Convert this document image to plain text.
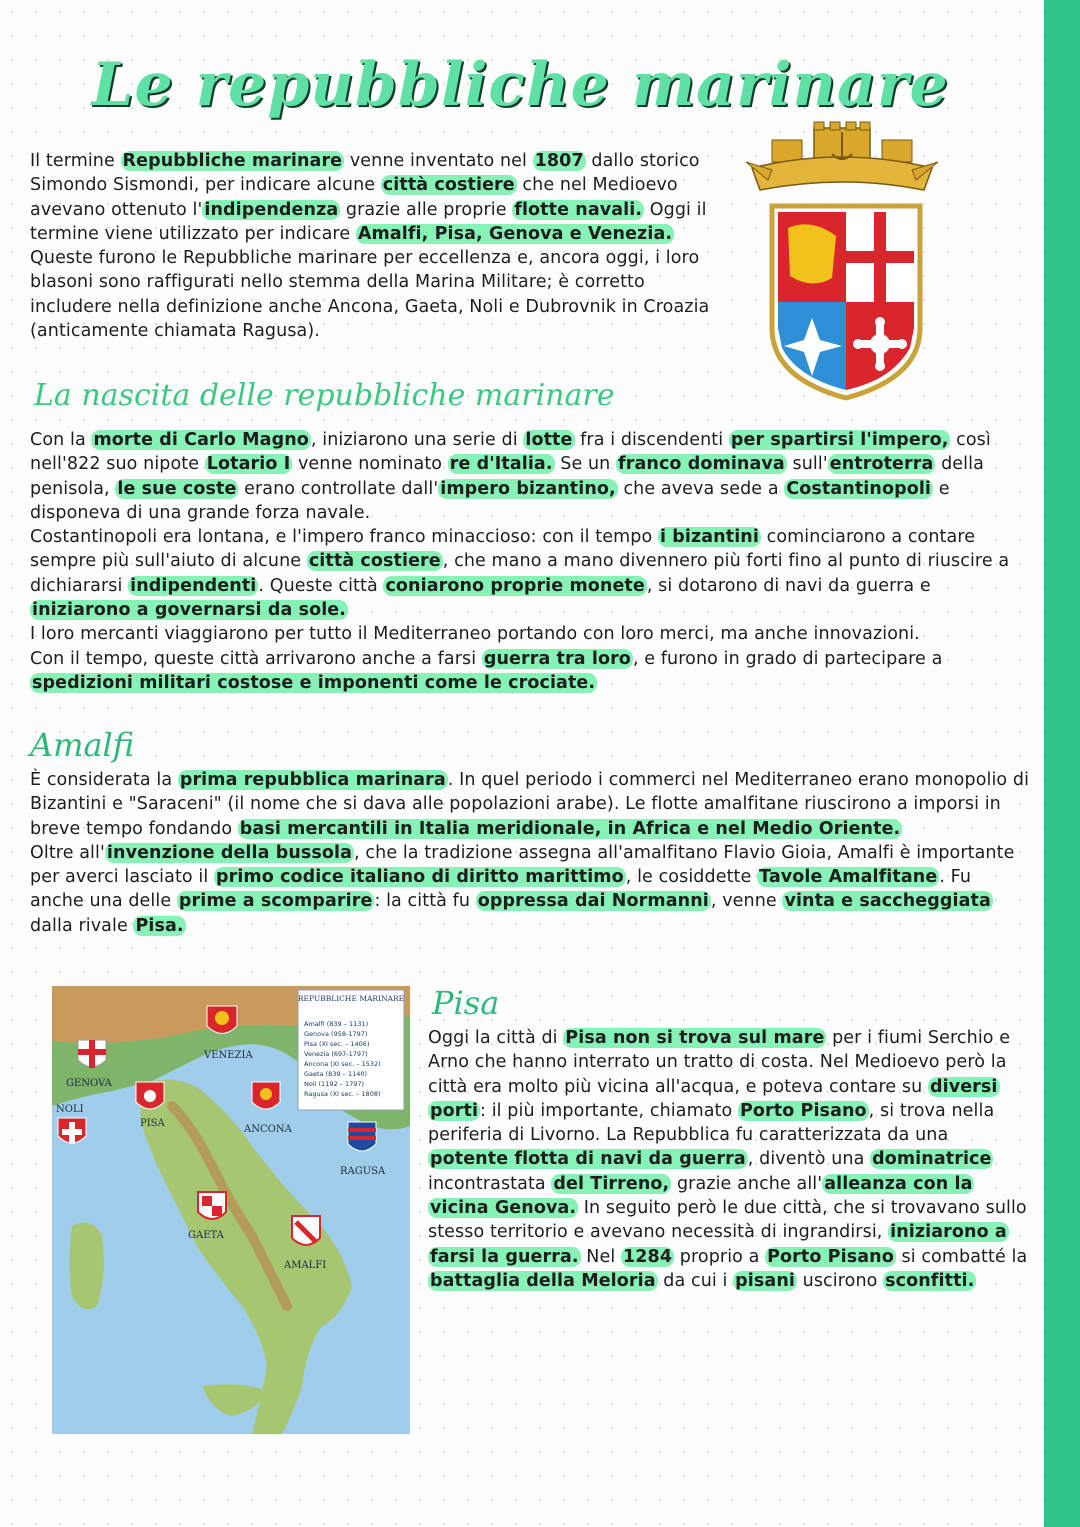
Le repubbliche marinare

Il termine Repubbliche marinare venne inventato nel 1807 dallo storico Simondo Sismondi, per indicare alcune città costiere che nel Medioevo avevano ottenuto l' indipendenza grazie alle proprie flotte navali. Oggi il termine viene utilizzato per indicare Amalfi, Pisa, Genova e Venezia. Queste furono le Repubbliche marinare per eccellenza e, ancora oggi, i loro blasoni sono raffigurati nello stemma della Marina Militare; è corretto includere nella definizione anche Ancona, Gaeta, Noli e Dubrovnik in Croazia (anticamente chiamata Ragusa).

La nascita delle repubbliche marinare

Con la morte di Carlo Magno , iniziarono una serie di lotte fra i discendenti per spartirsi l'impero, così nell'822 suo nipote Lotario I venne nominato re d'Italia. Se un franco dominava sull' entroterra della penisola, le sue coste erano controllate dall' impero bizantino, che aveva sede a Costantinopoli e disponeva di una grande forza navale.
Costantinopoli era lontana, e l'impero franco minaccioso: con il tempo i bizantini cominciarono a contare sempre più sull'aiuto di alcune città costiere , che mano a mano divennero più forti fino al punto di riuscire a dichiararsi indipendenti . Queste città coniarono proprie monete , si dotarono di navi da guerra e iniziarono a governarsi da sole.
I loro mercanti viaggiarono per tutto il Mediterraneo portando con loro merci, ma anche innovazioni.
Con il tempo, queste città arrivarono anche a farsi guerra tra loro , e furono in grado di partecipare a spedizioni militari costose e imponenti come le crociate.

Amalfi

È considerata la prima repubblica marinara . In quel periodo i commerci nel Mediterraneo erano monopolio di Bizantini e "Saraceni" (il nome che si dava alle popolazioni arabe). Le flotte amalfitane riuscirono a imporsi in breve tempo fondando basi mercantili in Italia meridionale, in Africa e nel Medio Oriente.
Oltre all' invenzione della bussola , che la tradizione assegna all'amalfitano Flavio Gioia, Amalfi è importante per averci lasciato il primo codice italiano di diritto marittimo , le cosiddette Tavole Amalfitane . Fu anche una delle prime a scomparire : la città fu oppressa dai Normanni , venne vinta e saccheggiata dalla rivale Pisa.

REPUBBLICHE MARINARE
Amalfi (839 – 1131)
Genova (958-1797)
Pisa (XI sec. – 1406)
Venezia (697-1797)
Ancona (XI sec. – 1532)
Gaeta (839 – 1140)
Noli (1192 – 1797)
Ragusa (XI sec. – 1808)
VENEZIA
GENOVA
NOLI
PISA
ANCONA
RAGUSA
GAETA
AMALFI
Pisa

Oggi la città di Pisa non si trova sul mare per i fiumi Serchio e Arno che hanno interrato un tratto di costa. Nel Medioevo però la città era molto più vicina all'acqua, e poteva contare su diversi porti : il più importante, chiamato Porto Pisano , si trova nella periferia di Livorno. La Repubblica fu caratterizzata da una potente flotta di navi da guerra , diventò una dominatrice incontrastata del Tirreno, grazie anche all' alleanza con la vicina Genova. In seguito però le due città, che si trovavano sullo stesso territorio e avevano necessità di ingrandirsi, iniziarono a farsi la guerra. Nel 1284 proprio a Porto Pisano si combatté la battaglia della Meloria da cui i pisani uscirono sconfitti.
